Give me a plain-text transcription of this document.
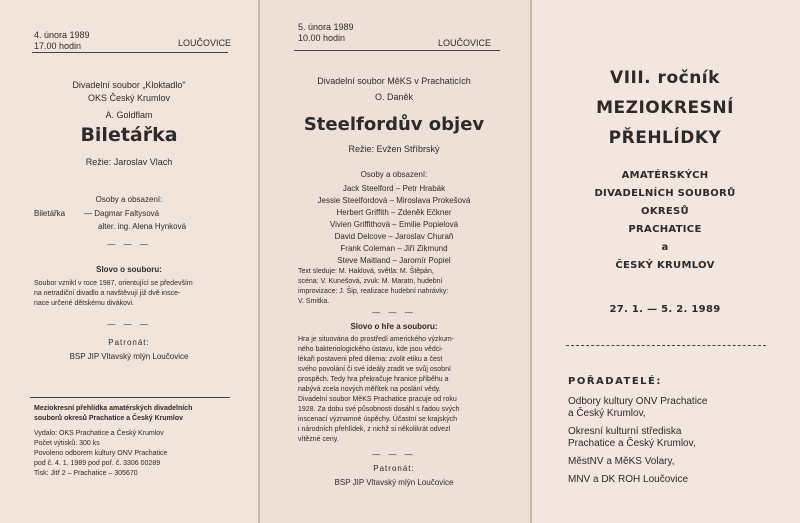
4. února 1989
17.00 hodin	LOUČOVICE
Divadelní soubor „Kloktadlo"
OKS Český Krumlov
A. Goldflam
Biletářka
Režie: Jaroslav Vlach
Osoby a obsazení:
Biletářka — Dagmar Faltysová
alter. ing. Alena Hynková
— — —
Slovo o souboru:
Soubor vznikl v roce 1987, orientující se především
na netradiční divadlo a navštěvují již dvě insce-
nace určené dětskému divákovi.
— — —
Patronát:
BSP JIP Vltavský mlýn Loučovice
Meziokresní přehlídka amatérských divadelních
souborů okresů Prachatice a Český Krumlov
Vydalo: OKS Prachatice a Český Krumlov
Počet výtisků: 300 ks
Povoleno odborem kultury ONV Prachatice
pod č. 4. 1. 1989 pod poř. č. 3306 00289
Tisk: Jitř 2 – Prachatice – 305670
5. února 1989
10.00 hodin	LOUČOVICE
Divadelní soubor MěKS v Prachaticích
O. Daněk
Steelfordův objev
Režie: Evžen Stříbrský
Osoby a obsazení:
Jack Steelford – Petr Hrabák
Jessie Steelfordová – Miroslava Prokešová
Herbert Griffith – Zdeněk Ečkner
Vivien Griffithová – Emilie Popielová
David Delcove – Jaroslav Churaň
Frank Coleman – Jiří Zikmund
Steve Maitland – Jaromír Popiel
Text sleduje: M. Haklová, světla: M. Štěpán,
scéna: V. Kunešová, zvuk: M. Maratn, hudební
improvizace: J. Šip, realizace hudební nahrávky:
V. Smitka.
— — —
Slovo o hře a souboru:
Hra je situována do prostředí amerického výzkum-
ného bakteriologického ústavu, kde jsou vědci-
lékaři postaveni před dilema: zvolit etiku a čest
svého povolání či své ideály zradit ve svůj osobní
prospěch. Tedy hra překračuje hranice příběhu a
nabývá zcela nových měřítek na poslání vědy.
Divadelní soubor MěKS Prachatice pracuje od roku
1928. Za dobu své působnosti dosáhl s řadou svých
inscenací významné úspěchy. Účastní se krajských
i národních přehlídek, z nichž si několikrát odvezl
vítězné ceny.
— — —
Patronát:
BSP JIP Vltavský mlýn Loučovice
VIII. ročník
MEZIOKRESNÍ
PŘEHLÍDKY
AMATÉRSKÝCH
DIVADELNÍCH SOUBORŮ
OKRESŮ
PRACHATICE
a
ČESKÝ KRUMLOV
27. 1. — 5. 2. 1989
POŘADATELÉ:
Odbory kultury ONV Prachatice
a Český Krumlov,
Okresní kulturní střediska
Prachatice a Český Krumlov,
MěstNV a MěKS Volary,
MNV a DK ROH Loučovice
